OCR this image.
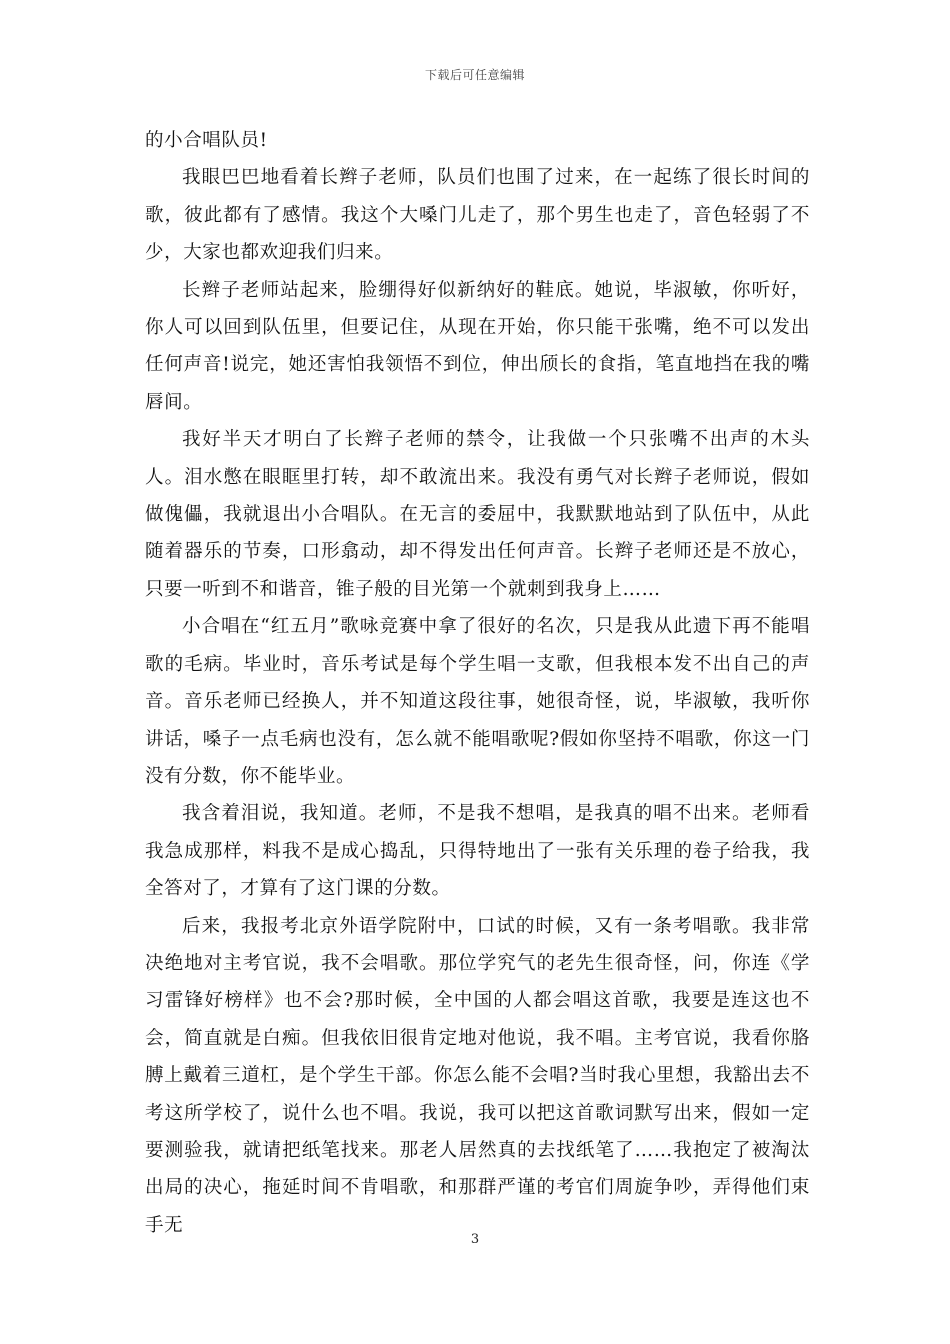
下载后可任意编辑

的小合唱队员!

我眼巴巴地看着长辫子老师，队员们也围了过来，在一起练了很长时间的歌，彼此都有了感情。我这个大嗓门儿走了，那个男生也走了，音色轻弱了不少，大家也都欢迎我们归来。

长辫子老师站起来，脸绷得好似新纳好的鞋底。她说，毕淑敏，你听好，你人可以回到队伍里，但要记住，从现在开始，你只能干张嘴，绝不可以发出任何声音!说完，她还害怕我领悟不到位，伸出颀长的食指，笔直地挡在我的嘴唇间。

我好半天才明白了长辫子老师的禁令，让我做一个只张嘴不出声的木头人。泪水憋在眼眶里打转，却不敢流出来。我没有勇气对长辫子老师说，假如做傀儡，我就退出小合唱队。在无言的委屈中，我默默地站到了队伍中，从此随着器乐的节奏，口形翕动，却不得发出任何声音。长辫子老师还是不放心，只要一听到不和谐音，锥子般的目光第一个就刺到我身上……

小合唱在“红五月”歌咏竞赛中拿了很好的名次，只是我从此遗下再不能唱歌的毛病。毕业时，音乐考试是每个学生唱一支歌，但我根本发不出自己的声音。音乐老师已经换人，并不知道这段往事，她很奇怪，说，毕淑敏，我听你讲话，嗓子一点毛病也没有，怎么就不能唱歌呢?假如你坚持不唱歌，你这一门没有分数，你不能毕业。

我含着泪说，我知道。老师，不是我不想唱，是我真的唱不出来。老师看我急成那样，料我不是成心捣乱，只得特地出了一张有关乐理的卷子给我，我全答对了，才算有了这门课的分数。

后来，我报考北京外语学院附中，口试的时候，又有一条考唱歌。我非常决绝地对主考官说，我不会唱歌。那位学究气的老先生很奇怪，问，你连《学习雷锋好榜样》也不会?那时候，全中国的人都会唱这首歌，我要是连这也不会，简直就是白痴。但我依旧很肯定地对他说，我不唱。主考官说，我看你胳膊上戴着三道杠，是个学生干部。你怎么能不会唱?当时我心里想，我豁出去不考这所学校了，说什么也不唱。我说，我可以把这首歌词默写出来，假如一定要测验我，就请把纸笔找来。那老人居然真的去找纸笔了……我抱定了被淘汰出局的决心，拖延时间不肯唱歌，和那群严谨的考官们周旋争吵，弄得他们束手无

3
